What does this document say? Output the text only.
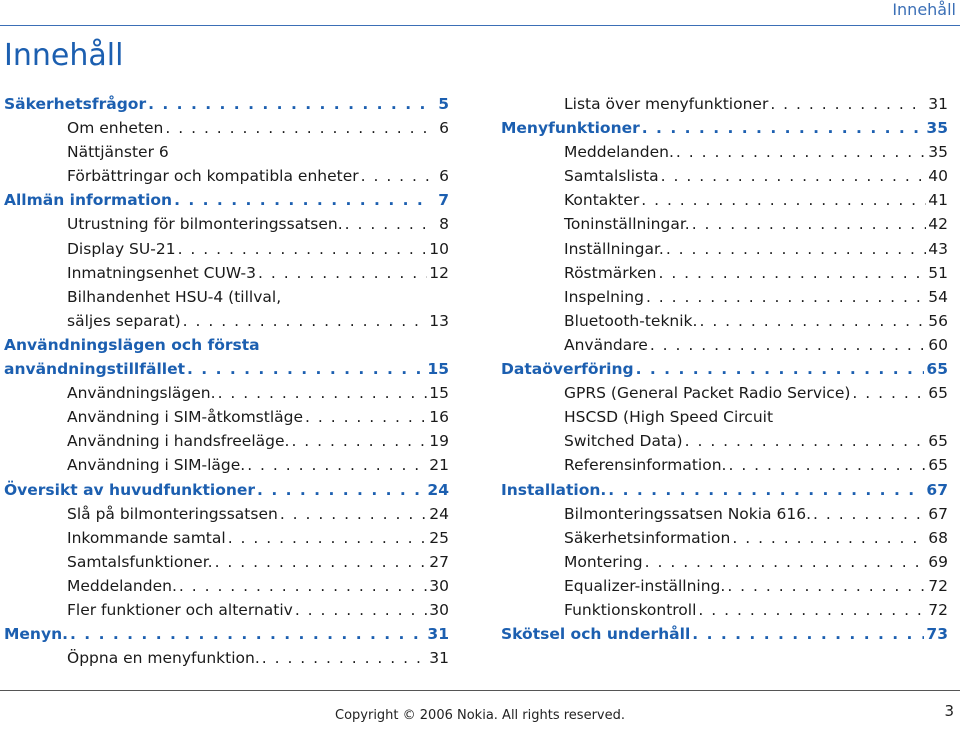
Innehåll
Innehåll
Säkerhetsfrågor . . .	5
Om enheten . . .	6
Nättjänster 6
Förbättringar och kompatibla enheter . . .	6
Allmän information . . .	7
Utrustning för bilmonteringssatsen. . . .	8
Display SU-21 . . .	10
Inmatningsenhet CUW-3 . . .	12
Bilhandenhet HSU-4 (tillval,
säljes separat) . . .	13
Användningslägen och första
användningstillfället . . .	15
Användningslägen. . . .	15
Användning i SIM-åtkomstläge . . .	16
Användning i handsfreeläge. . . .	19
Användning i SIM-läge. . . .	21
Översikt av huvudfunktioner . . .	24
Slå på bilmonteringssatsen . . .	24
Inkommande samtal . . .	25
Samtalsfunktioner. . . .	27
Meddelanden. . . .	30
Fler funktioner och alternativ . . .	30
Menyn. . . .	31
Öppna en menyfunktion. . . .	31
Lista över menyfunktioner . . .	31
Menyfunktioner . . .	35
Meddelanden. . . .	35
Samtalslista . . .	40
Kontakter . . .	41
Toninställningar. . . .	42
Inställningar. . . .	43
Röstmärken . . .	51
Inspelning . . .	54
Bluetooth-teknik. . . .	56
Användare . . .	60
Dataöverföring . . .	65
GPRS (General Packet Radio Service) . . .	65
HSCSD (High Speed Circuit
Switched Data) . . .	65
Referensinformation. . . .	65
Installation. . . .	67
Bilmonteringssatsen Nokia 616. . . .	67
Säkerhetsinformation . . .	68
Montering . . .	69
Equalizer-inställning. . . .	72
Funktionskontroll . . .	72
Skötsel och underhåll . . .	73
Copyright © 2006 Nokia. All rights reserved.	3
